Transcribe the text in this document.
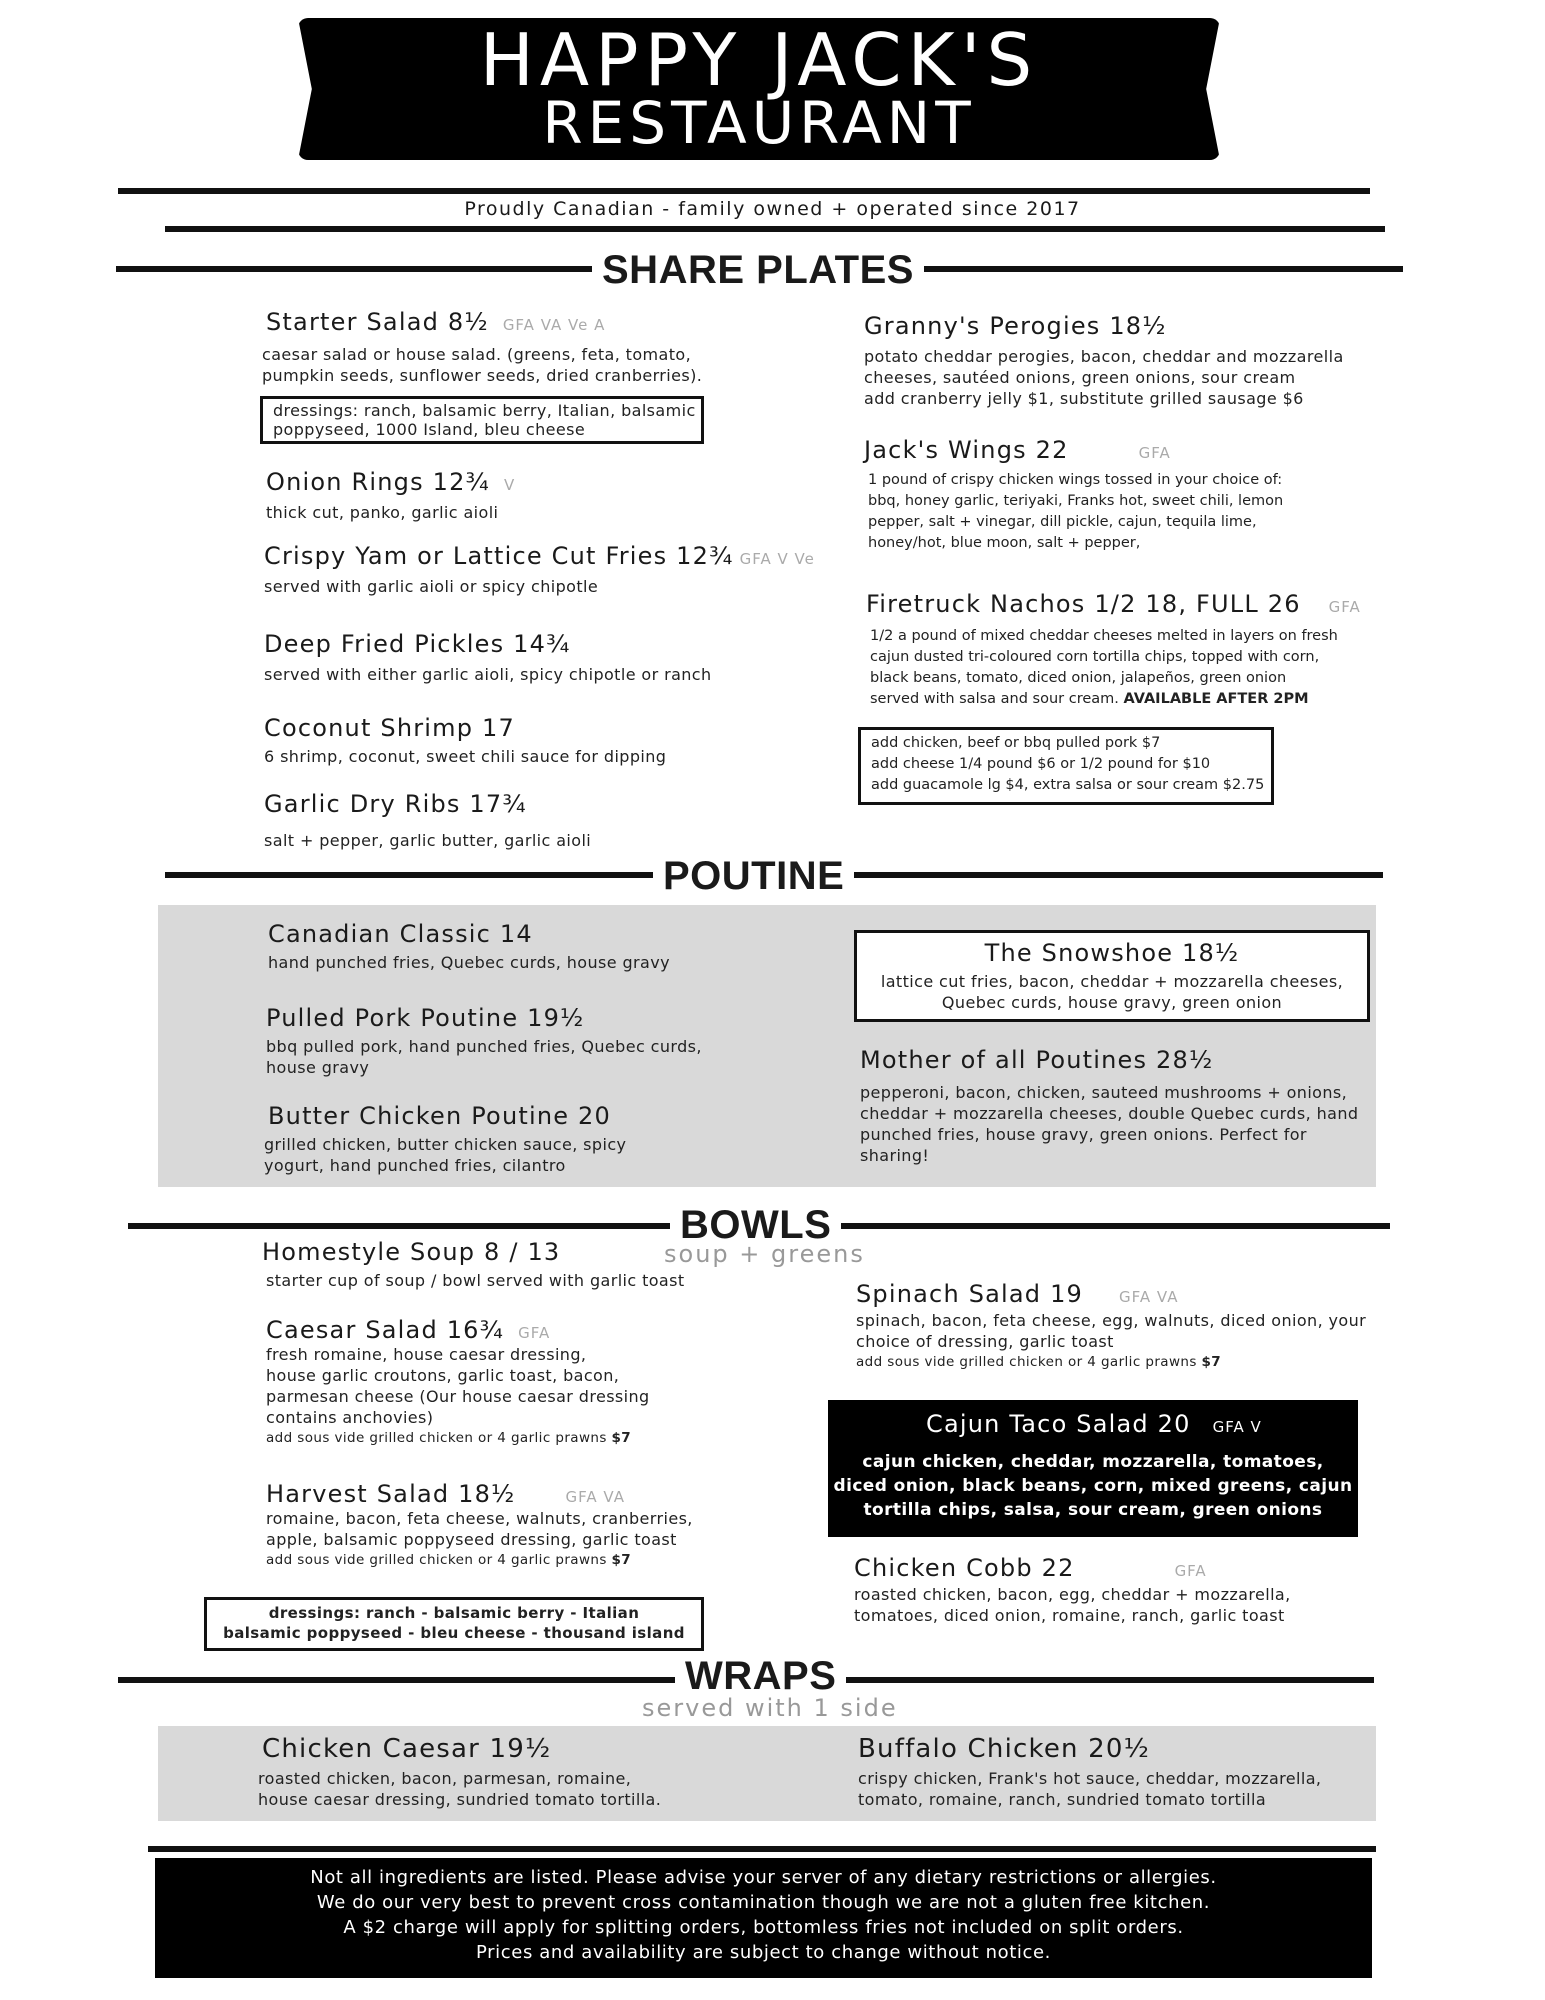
HAPPY JACK'S
RESTAURANT
Proudly Canadian - family owned + operated since 2017
SHARE PLATES
Starter Salad 8½ GFA VA Ve A
caesar salad or house salad. (greens, feta, tomato,
pumpkin seeds, sunflower seeds, dried cranberries).
dressings: ranch, balsamic berry, Italian, balsamic
poppyseed, 1000 Island, bleu cheese
Onion Rings 12¾ V
thick cut, panko, garlic aioli
Crispy Yam or Lattice Cut Fries 12¾ GFA V Ve
served with garlic aioli or spicy chipotle
Deep Fried Pickles 14¾
served with either garlic aioli, spicy chipotle or ranch
Coconut Shrimp 17
6 shrimp, coconut, sweet chili sauce for dipping
Garlic Dry Ribs 17¾
salt + pepper, garlic butter, garlic aioli
Granny's Perogies 18½
potato cheddar perogies, bacon, cheddar and mozzarella
cheeses, sautéed onions, green onions, sour cream
add cranberry jelly $1, substitute grilled sausage $6
Jack's Wings 22	GFA
1 pound of crispy chicken wings tossed in your choice of:
bbq, honey garlic, teriyaki, Franks hot, sweet chili, lemon
pepper, salt + vinegar, dill pickle, cajun, tequila lime,
honey/hot, blue moon, salt + pepper,
Firetruck Nachos 1/2 18, FULL 26 GFA
1/2 a pound of mixed cheddar cheeses melted in layers on fresh
cajun dusted tri-coloured corn tortilla chips, topped with corn,
black beans, tomato, diced onion, jalapeños, green onion
served with salsa and sour cream. AVAILABLE AFTER 2PM
add chicken, beef or bbq pulled pork $7
add cheese 1/4 pound $6 or 1/2 pound for $10
add guacamole lg $4, extra salsa or sour cream $2.75
POUTINE
Canadian Classic 14
hand punched fries, Quebec curds, house gravy
Pulled Pork Poutine 19½
bbq pulled pork, hand punched fries, Quebec curds,
house gravy
Butter Chicken Poutine 20
grilled chicken, butter chicken sauce, spicy
yogurt, hand punched fries, cilantro
The Snowshoe 18½
lattice cut fries, bacon, cheddar + mozzarella cheeses,
Quebec curds, house gravy, green onion
Mother of all Poutines 28½
pepperoni, bacon, chicken, sauteed mushrooms + onions,
cheddar + mozzarella cheeses, double Quebec curds, hand
punched fries, house gravy, green onions. Perfect for
sharing!
BOWLS
soup + greens
Homestyle Soup 8 / 13
starter cup of soup / bowl served with garlic toast
Caesar Salad 16¾ GFA
fresh romaine, house caesar dressing,
house garlic croutons, garlic toast, bacon,
parmesan cheese (Our house caesar dressing
contains anchovies)
add sous vide grilled chicken or 4 garlic prawns $7
Harvest Salad 18½	GFA VA
romaine, bacon, feta cheese, walnuts, cranberries,
apple, balsamic poppyseed dressing, garlic toast
add sous vide grilled chicken or 4 garlic prawns $7
dressings: ranch - balsamic berry - Italian
balsamic poppyseed - bleu cheese - thousand island
Spinach Salad 19 GFA VA
spinach, bacon, feta cheese, egg, walnuts, diced onion, your
choice of dressing, garlic toast
add sous vide grilled chicken or 4 garlic prawns $7
Cajun Taco Salad 20 GFA V
cajun chicken, cheddar, mozzarella, tomatoes,
diced onion, black beans, corn, mixed greens, cajun
tortilla chips, salsa, sour cream, green onions
Chicken Cobb 22	GFA
roasted chicken, bacon, egg, cheddar + mozzarella,
tomatoes, diced onion, romaine, ranch, garlic toast
WRAPS
served with 1 side
Chicken Caesar 19½
roasted chicken, bacon, parmesan, romaine,
house caesar dressing, sundried tomato tortilla.
Buffalo Chicken 20½
crispy chicken, Frank's hot sauce, cheddar, mozzarella,
tomato, romaine, ranch, sundried tomato tortilla
Not all ingredients are listed. Please advise your server of any dietary restrictions or allergies.
We do our very best to prevent cross contamination though we are not a gluten free kitchen.
A $2 charge will apply for splitting orders, bottomless fries not included on split orders.
Prices and availability are subject to change without notice.
